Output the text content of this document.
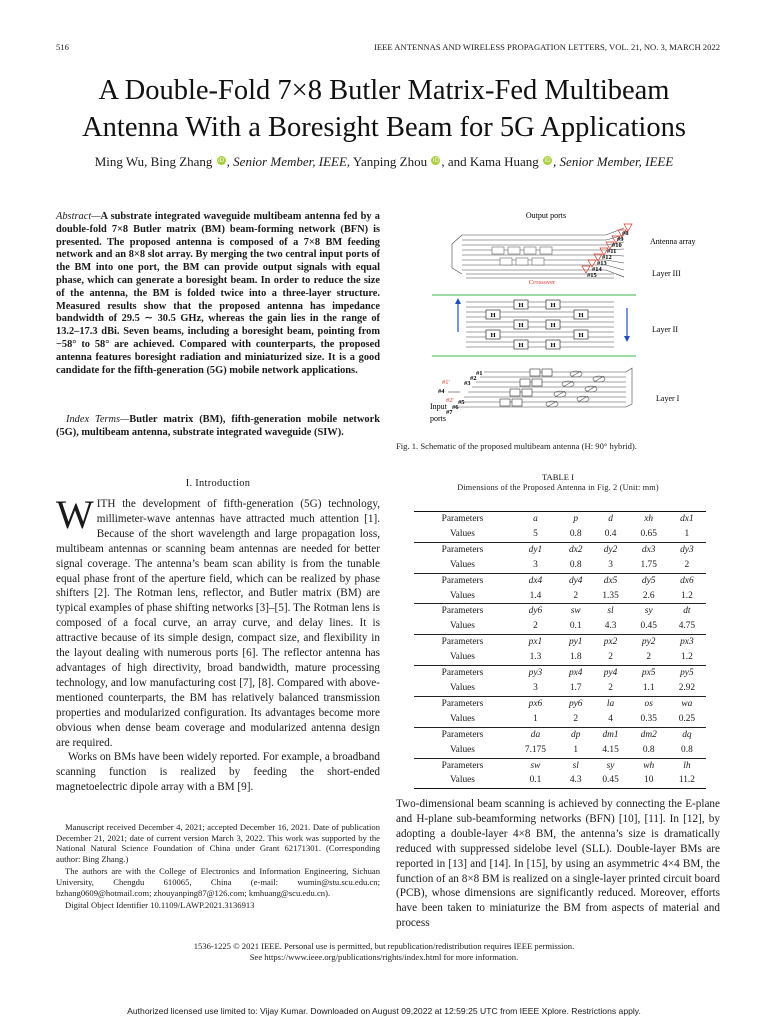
516	IEEE ANTENNAS AND WIRELESS PROPAGATION LETTERS, VOL. 21, NO. 3, MARCH 2022
A Double-Fold 7×8 Butler Matrix-Fed Multibeam
Antenna With a Boresight Beam for 5G Applications
Ming Wu, Bing Zhang iD , Senior Member, IEEE, Yanping Zhou iD , and Kama Huang iD , Senior Member, IEEE
Abstract—A substrate integrated waveguide multibeam antenna fed by a double-fold 7×8 Butler matrix (BM) beam-forming network (BFN) is presented. The proposed antenna is composed of a 7×8 BM feeding network and an 8×8 slot array. By merging the two central input ports of the BM into one port, the BM can provide output signals with equal phase, which can generate a boresight beam. In order to reduce the size of the antenna, the BM is folded twice into a three-layer structure. Measured results show that the proposed antenna has impedance bandwidth of 29.5 ∼ 30.5 GHz, whereas the gain lies in the range of 13.2–17.3 dBi. Seven beams, including a boresight beam, pointing from −58° to 58° are achieved. Compared with counterparts, the proposed antenna features boresight radiation and miniaturized size. It is a good candidate for the fifth-generation (5G) mobile network applications.
Index Terms—Butler matrix (BM), fifth-generation mobile network (5G), multibeam antenna, substrate integrated waveguide (SIW).
I. Introduction
WITH the development of fifth-generation (5G) technology, millimeter-wave antennas have attracted much attention [1]. Because of the short wavelength and large propagation loss, multibeam antennas or scanning beam antennas are needed for better signal coverage. The antenna’s beam scan ability is from the tunable equal phase front of the aperture field, which can be realized by phase shifters [2]. The Rotman lens, reflector, and Butler matrix (BM) are typical examples of phase shifting networks [3]–[5]. The Rotman lens is composed of a focal curve, an array curve, and delay lines. It is attractive because of its simple design, compact size, and flexibility in the layout dealing with numerous ports [6]. The reflector antenna has advantages of high directivity, broad bandwidth, mature processing technology, and low manufacturing cost [7], [8]. Compared with above-mentioned counterparts, the BM has relatively balanced transmission properties and modularized configuration. Its advantages become more obvious when dense beam coverage and modularized antenna design are required.
Works on BMs have been widely reported. For example, a broadband scanning function is realized by feeding the short-ended magnetoelectric dipole array with a BM [9].

Manuscript received December 4, 2021; accepted December 16, 2021. Date of publication December 21, 2021; date of current version March 3, 2022. This work was supported by the National Natural Science Foundation of China under Grant 62171301. (Corresponding author: Bing Zhang.)

The authors are with the College of Electronics and Information Engineering, Sichuan University, Chengdu 610065, China (e-mail: wumin@stu.scu.edu.cn; bzhang0609@hotmail.com; zhouyanping87@126.com; kmhuang@scu.edu.cn).

Digital Object Identifier 10.1109/LAWP.2021.3136913

Output ports
Crossover
Antenna array
Layer III
#8
#9
#10
#11
#12
#13
#14
#15
H	H
H	H
H	H
H	H
H	H
Layer II
#1
#2
#3
#4
#5
#6
#7
#1'
#2'
Input
ports
Layer I
Fig. 1. Schematic of the proposed multibeam antenna (H: 90° hybrid).
TABLE I
Dimensions of the Proposed Antenna in Fig. 2 (Unit: mm)
Parameters	a	p	d	xh	dx1
Values	5	0.8	0.4	0.65	1
Parameters	dy1	dx2	dy2	dx3	dy3
Values	3	0.8	3	1.75	2
Parameters	dx4	dy4	dx5	dy5	dx6
Values	1.4	2	1.35	2.6	1.2
Parameters	dy6	sw	sl	sy	dt
Values	2	0.1	4.3	0.45	4.75
Parameters	px1	py1	px2	py2	px3
Values	1.3	1.8	2	2	1.2
Parameters	py3	px4	py4	px5	py5
Values	3	1.7	2	1.1	2.92
Parameters	px6	py6	la	os	wa
Values	1	2	4	0.35	0.25
Parameters	da	dp	dm1	dm2	dq
Values	7.175	1	4.15	0.8	0.8
Parameters	sw	sl	sy	wh	lh
Values	0.1	4.3	0.45	10	11.2
Two-dimensional beam scanning is achieved by connecting the E-plane and H-plane sub-beamforming networks (BFN) [10], [11]. In [12], by adopting a double-layer 4×8 BM, the antenna’s size is dramatically reduced with suppressed sidelobe level (SLL). Double-layer BMs are reported in [13] and [14]. In [15], by using an asymmetric 4×4 BM, the function of an 8×8 BM is realized on a single-layer printed circuit board (PCB), whose dimensions are significantly reduced. Moreover, efforts have been taken to miniaturize the BM from aspects of material and process
1536-1225 © 2021 IEEE. Personal use is permitted, but republication/redistribution requires IEEE permission.
See https://www.ieee.org/publications/rights/index.html for more information.
Authorized licensed use limited to: Vijay Kumar. Downloaded on August 09,2022 at 12:59:25 UTC from IEEE Xplore. Restrictions apply.
